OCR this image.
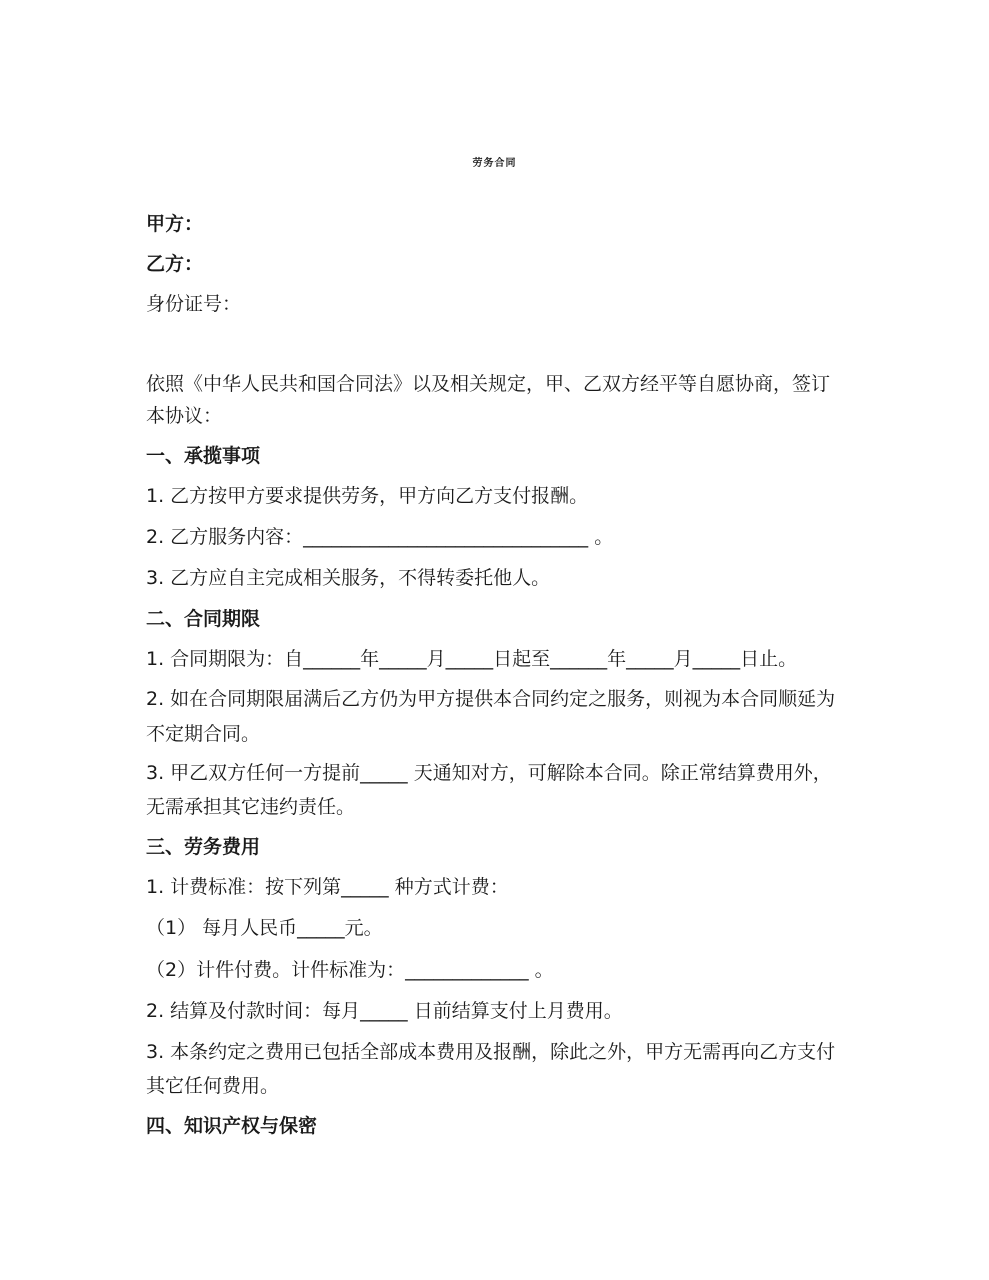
劳务合同
甲方：
乙方：
身份证号：
依照《中华人民共和国合同法》以及相关规定，甲、乙双方经平等自愿协商，签订
本协议：
一、承揽事项
1. 乙方按甲方要求提供劳务，甲方向乙方支付报酬。
2. 乙方服务内容：______________________________ 。
3. 乙方应自主完成相关服务，不得转委托他人。
二、合同期限
1. 合同期限为：自______年_____月_____日起至______年_____月_____日止。
2. 如在合同期限届满后乙方仍为甲方提供本合同约定之服务，则视为本合同顺延为
不定期合同。
3. 甲乙双方任何一方提前_____ 天通知对方，可解除本合同。除正常结算费用外，
无需承担其它违约责任。
三、劳务费用
1. 计费标准：按下列第_____ 种方式计费：
（1） 每月人民币_____元。
（2）计件付费。计件标准为：_____________ 。
2. 结算及付款时间：每月_____ 日前结算支付上月费用。
3. 本条约定之费用已包括全部成本费用及报酬，除此之外，甲方无需再向乙方支付
其它任何费用。
四、知识产权与保密
